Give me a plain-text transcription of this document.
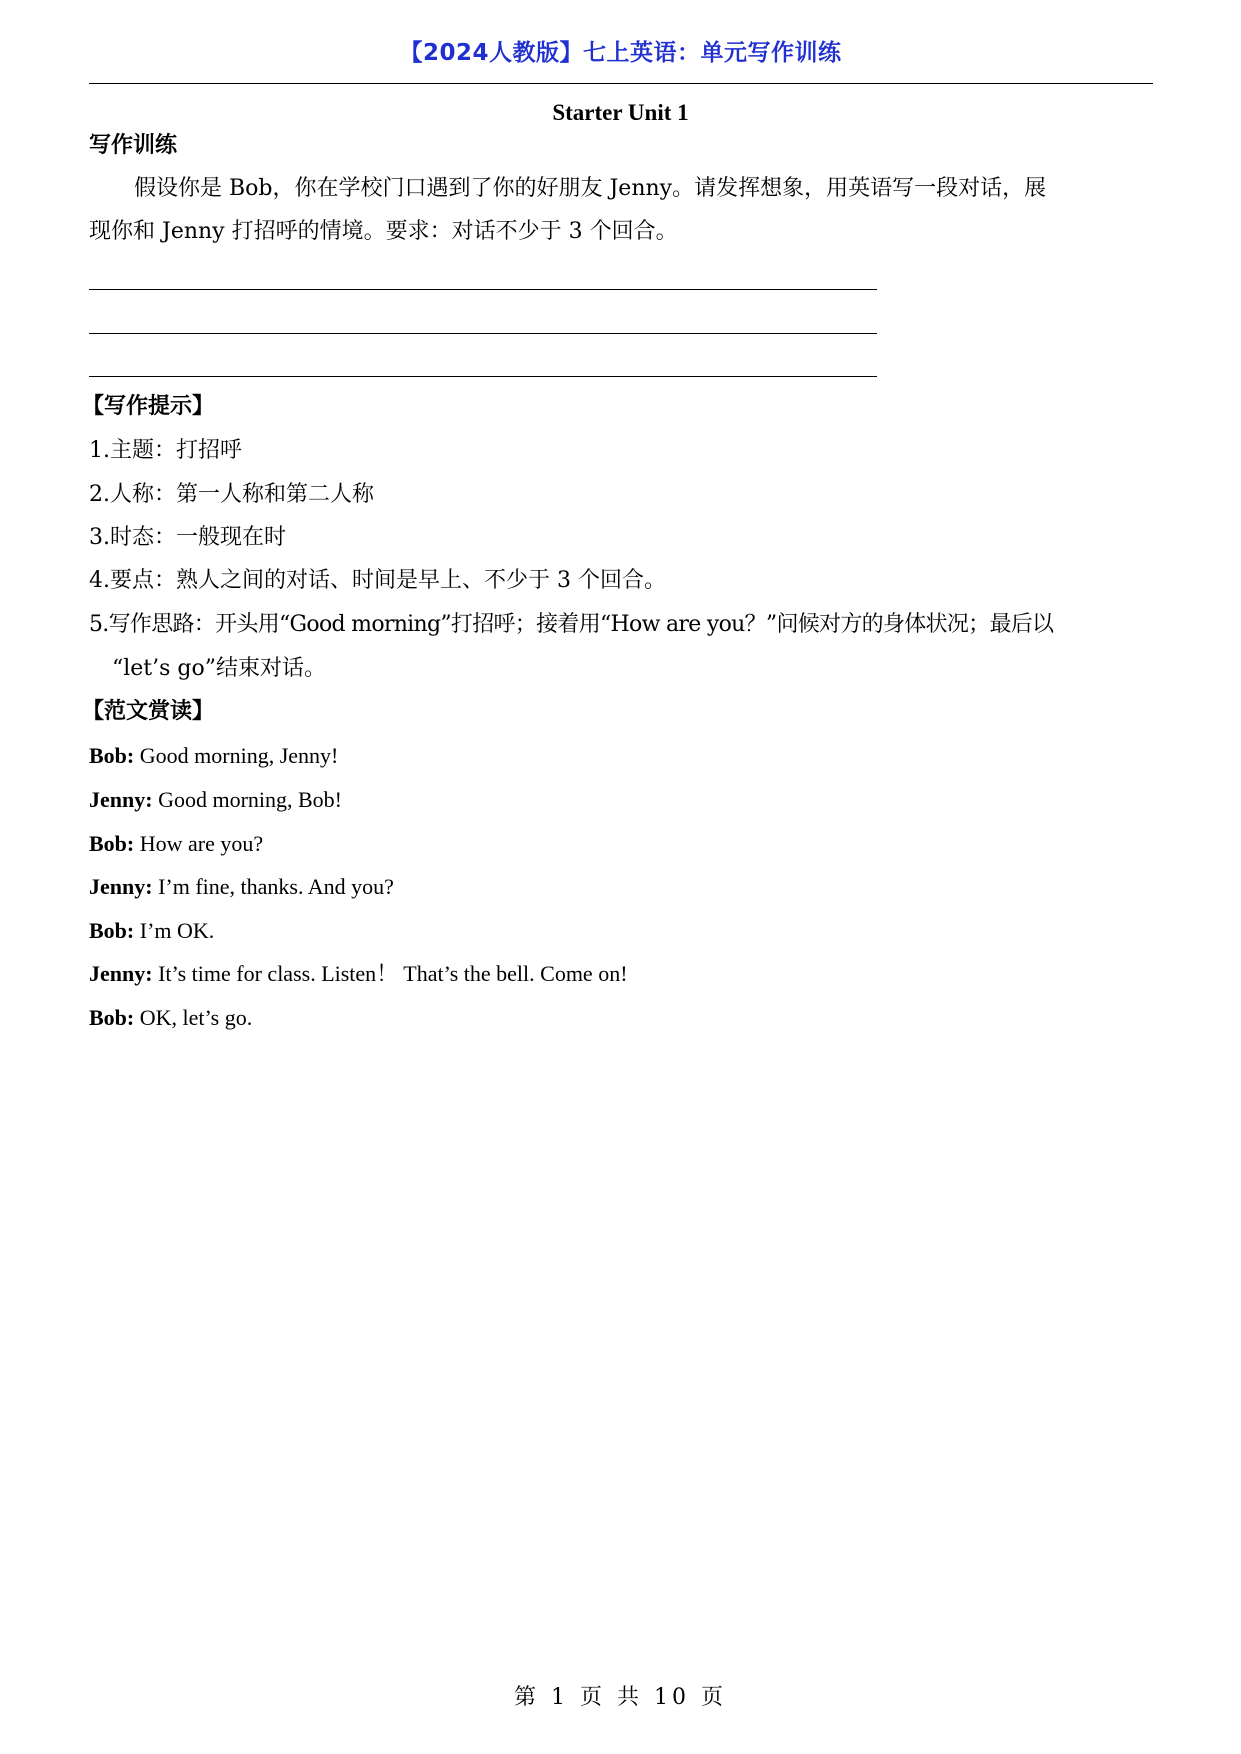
【2024人教版】七上英语：单元写作训练
Starter Unit 1
写作训练
假设你是 Bob，你在学校门口遇到了你的好朋友 Jenny。请发挥想象，用英语写一段对话，展
现你和 Jenny 打招呼的情境。要求：对话不少于 3 个回合。
【写作提示】
1.主题：打招呼
2.人称：第一人称和第二人称
3.时态：一般现在时
4.要点：熟人之间的对话、时间是早上、不少于 3 个回合。
5.写作思路：开头用“Good morning”打招呼；接着用“How are you？”问候对方的身体状况；最后以
“let’s go”结束对话。
【范文赏读】
Bob: Good morning, Jenny!
Jenny: Good morning, Bob!
Bob: How are you?
Jenny: I’m fine, thanks. And you?
Bob: I’m OK.
Jenny: It’s time for class. Listen！ That’s the bell. Come on!
Bob: OK, let’s go.
第 1 页 共 10 页
